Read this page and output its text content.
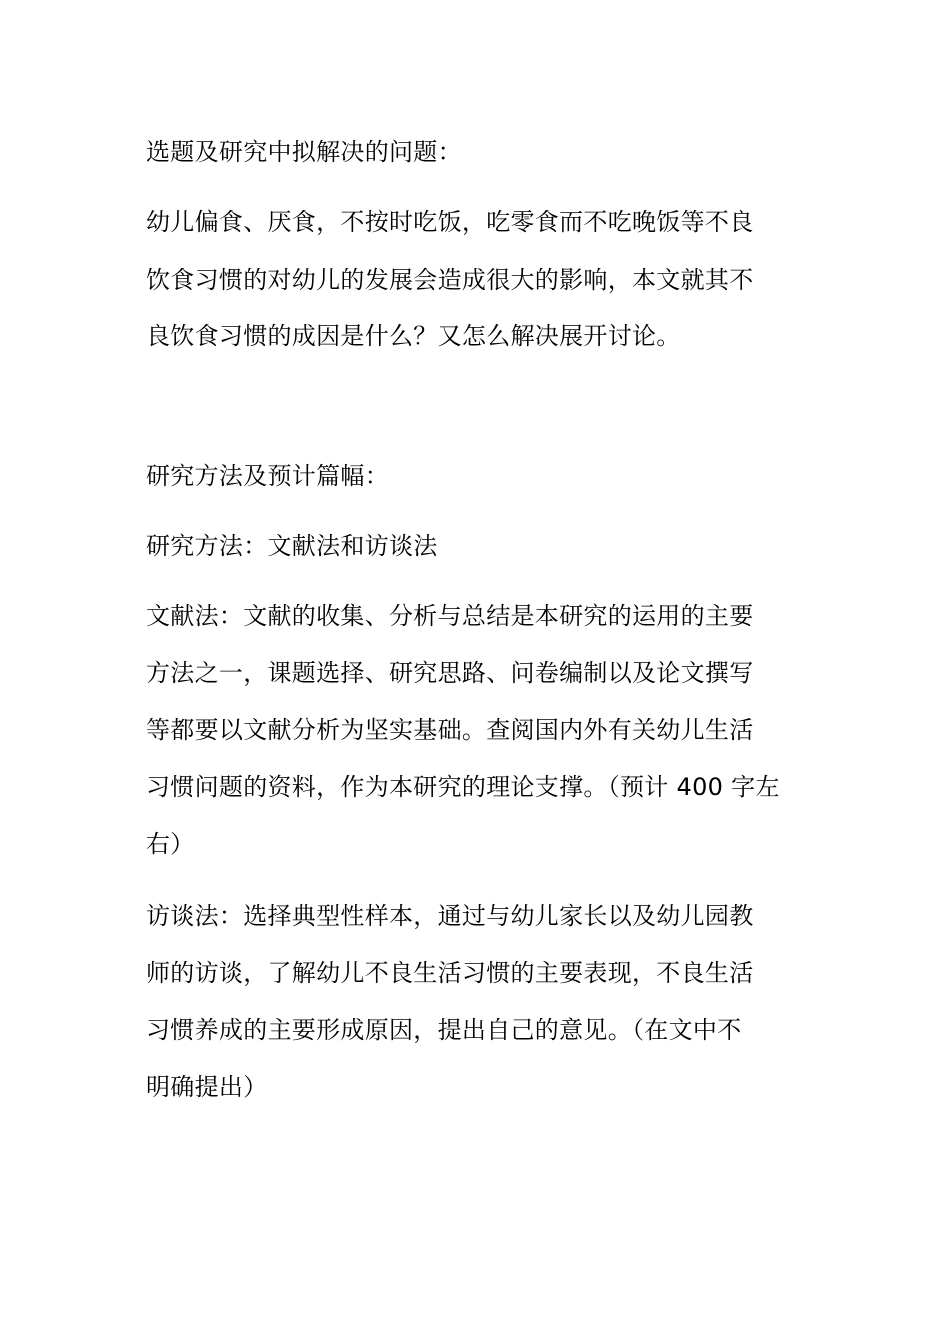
选题及研究中拟解决的问题：
幼儿偏食、厌食，不按时吃饭，吃零食而不吃晚饭等不良
饮食习惯的对幼儿的发展会造成很大的影响，本文就其不
良饮食习惯的成因是什么？又怎么解决展开讨论。
研究方法及预计篇幅：
研究方法：文献法和访谈法
文献法：文献的收集、分析与总结是本研究的运用的主要
方法之一，课题选择、研究思路、问卷编制以及论文撰写
等都要以文献分析为坚实基础。查阅国内外有关幼儿生活
习惯问题的资料，作为本研究的理论支撑。（预计 400 字左
右）
访谈法：选择典型性样本，通过与幼儿家长以及幼儿园教
师的访谈，了解幼儿不良生活习惯的主要表现，不良生活
习惯养成的主要形成原因，提出自己的意见。（在文中不
明确提出）
